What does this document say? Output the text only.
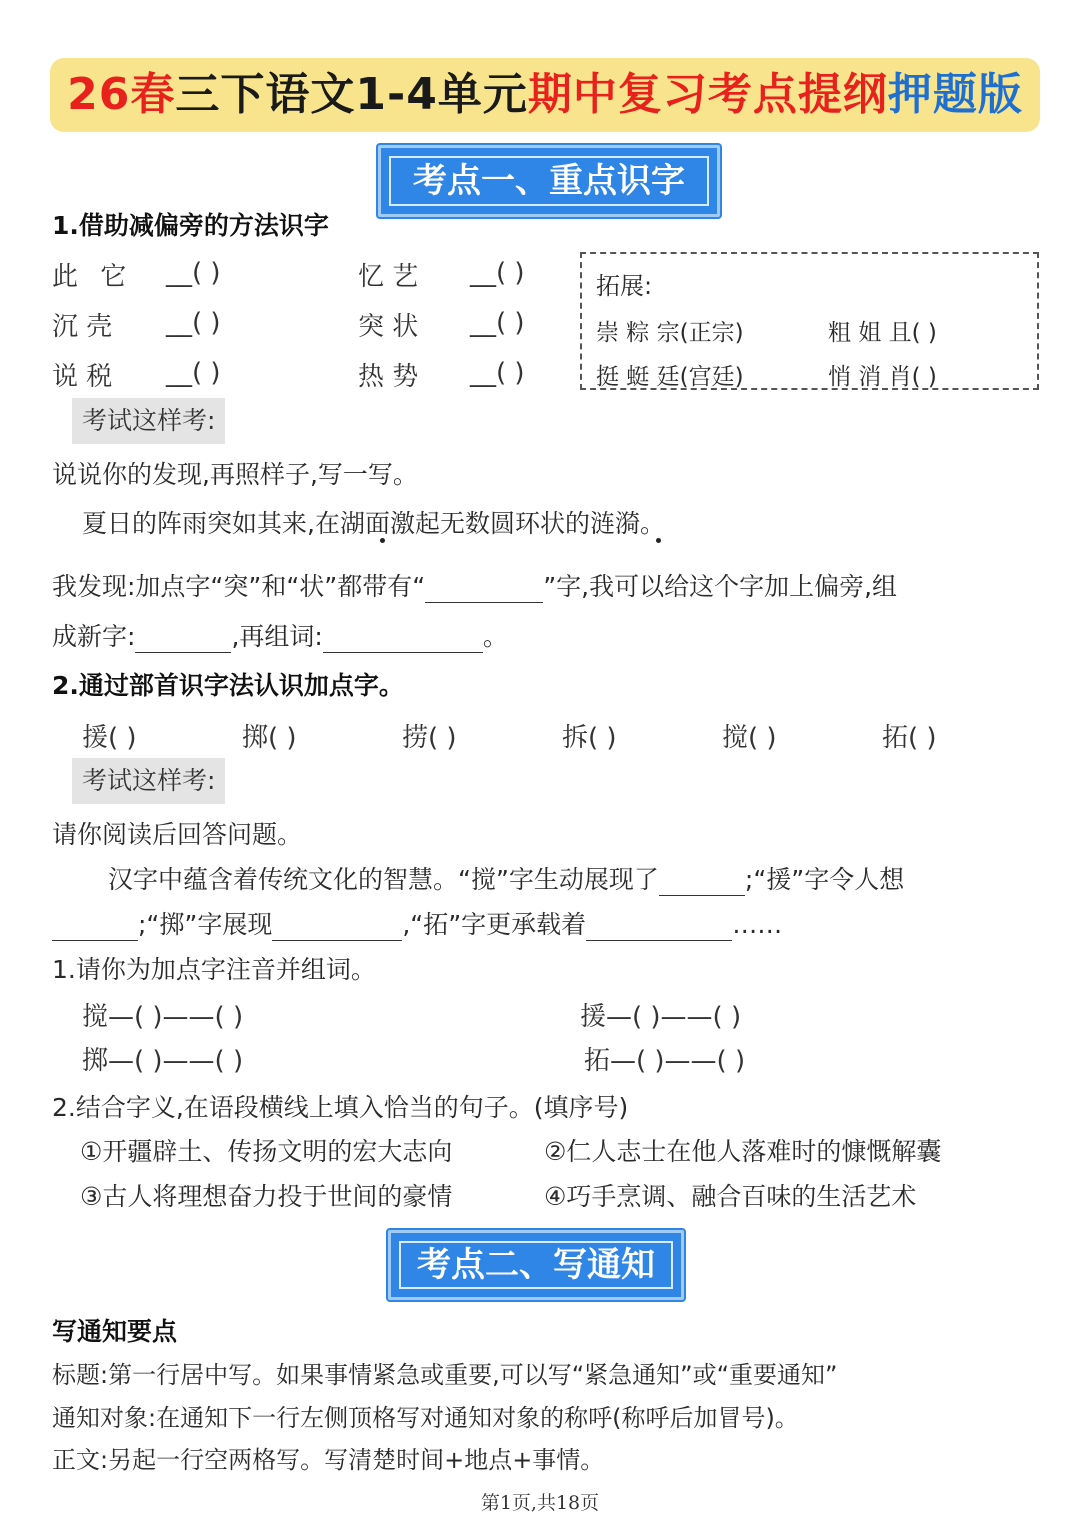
26春三下语文1-4单元期中复习考点提纲押题版
考点一、重点识字
1.借助减偏旁的方法识字
此 它 __( )	忆 艺 __( )
沉 壳 __( )	突 状 __( )
说 税 __( )	热 势 __( )
拓展:
崇 粽 宗(正宗)	粗 姐 且( )
挺 蜓 廷(宫廷)	悄 消 肖( )
考试这样考:
说说你的发现,再照样子,写一写。
夏日的阵雨突如其来,在湖面激起无数圆环状的涟漪。
我发现:加点字“突”和“状”都带有“	”字,我可以给这个字加上偏旁,组
成新字:	,再组词:	。
2.通过部首识字法认识加点字。
援( )	掷( )	捞( )	拆( )	搅( )	拓( )
考试这样考:
请你阅读后回答问题。
汉字中蕴含着传统文化的智慧。“搅”字生动展现了	;“援”字令人想
;“掷”字展现	,“拓”字更承载着	……
1.请你为加点字注音并组词。
搅—( )——( )	援—( )——( )
掷—( )——( )	拓—( )——( )
2.结合字义,在语段横线上填入恰当的句子。(填序号)
①开疆辟土、传扬文明的宏大志向	②仁人志士在他人落难时的慷慨解囊
③古人将理想奋力投于世间的豪情	④巧手烹调、融合百味的生活艺术
考点二、写通知
写通知要点
标题:第一行居中写。如果事情紧急或重要,可以写“紧急通知”或“重要通知”
通知对象:在通知下一行左侧顶格写对通知对象的称呼(称呼后加冒号)。
正文:另起一行空两格写。写清楚时间+地点+事情。
第1页,共18页
